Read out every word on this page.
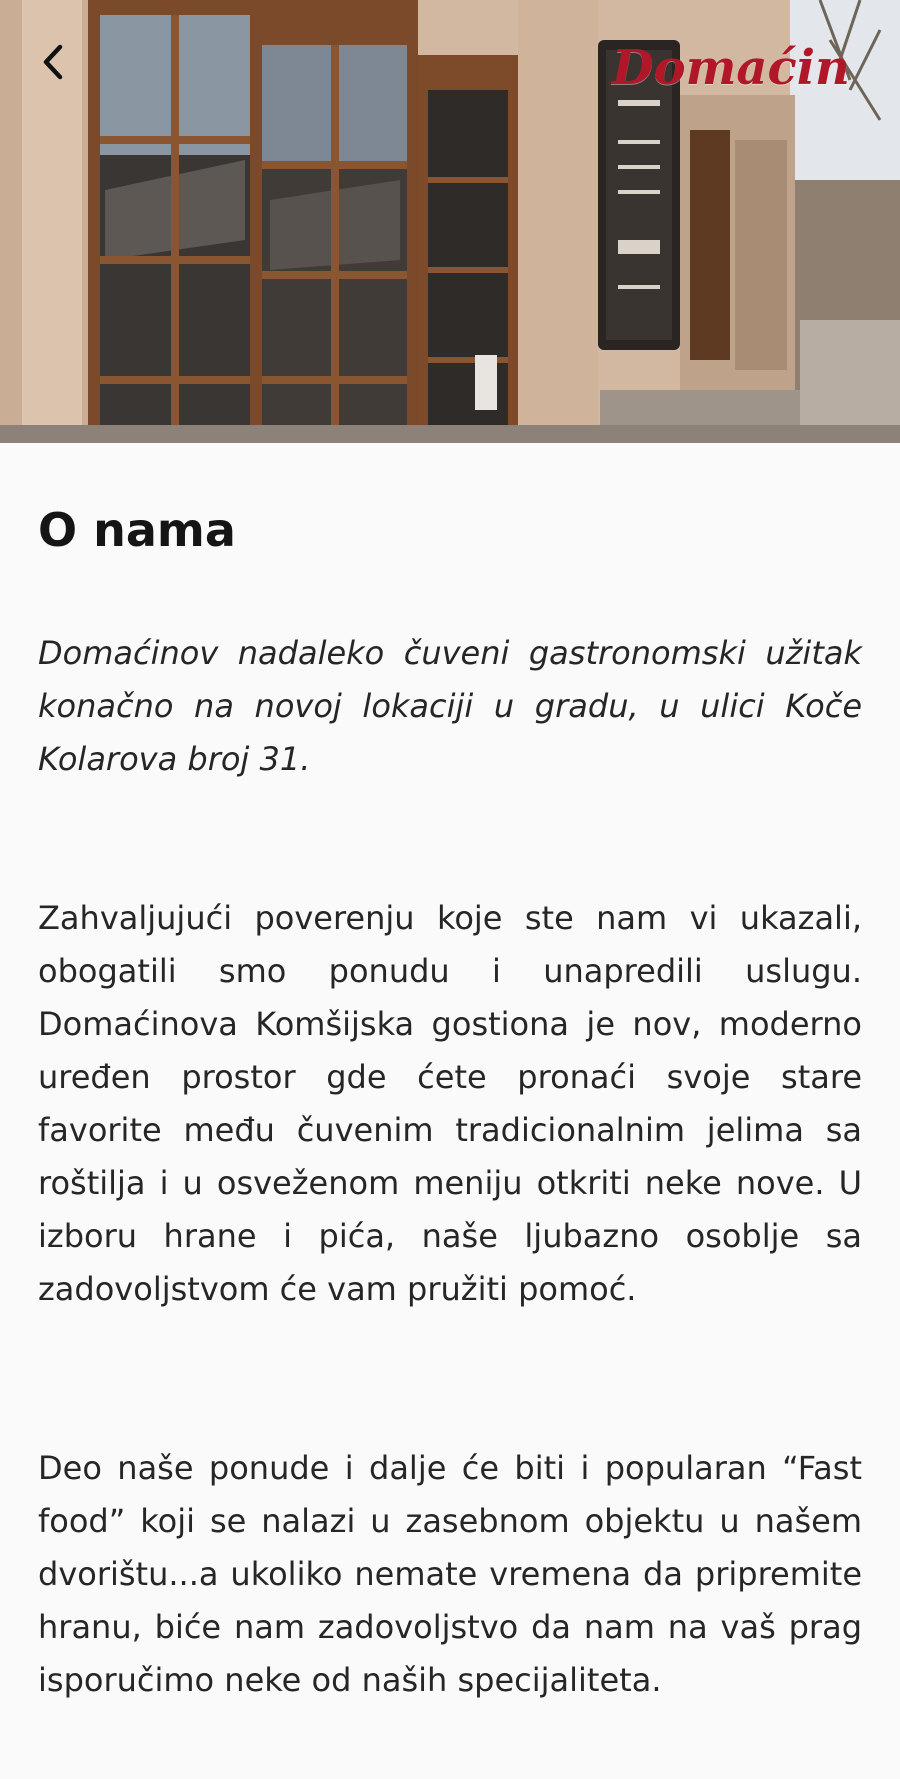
Domaćin
O nama

Domaćinov nadaleko čuveni gastronomski užitak konačno na novoj lokaciji u gradu, u ulici Koče Kolarova broj 31.

Zahvaljujući poverenju koje ste nam vi ukazali, obogatili smo ponudu i unapredili uslugu. Domaćinova Komšijska gostiona je nov, moderno uređen prostor gde ćete pronaći svoje stare favorite među čuvenim tradicionalnim jelima sa roštilja i u osveženom meniju otkriti neke nove. U izboru hrane i pića, naše ljubazno osoblje sa zadovoljstvom će vam pružiti pomoć.

Deo naše ponude i dalje će biti i popularan “Fast food” koji se nalazi u zasebnom objektu u našem dvorištu...a ukoliko nemate vremena da pripremite hranu, biće nam zadovoljstvo da nam na vaš prag isporučimo neke od naših specijaliteta.
